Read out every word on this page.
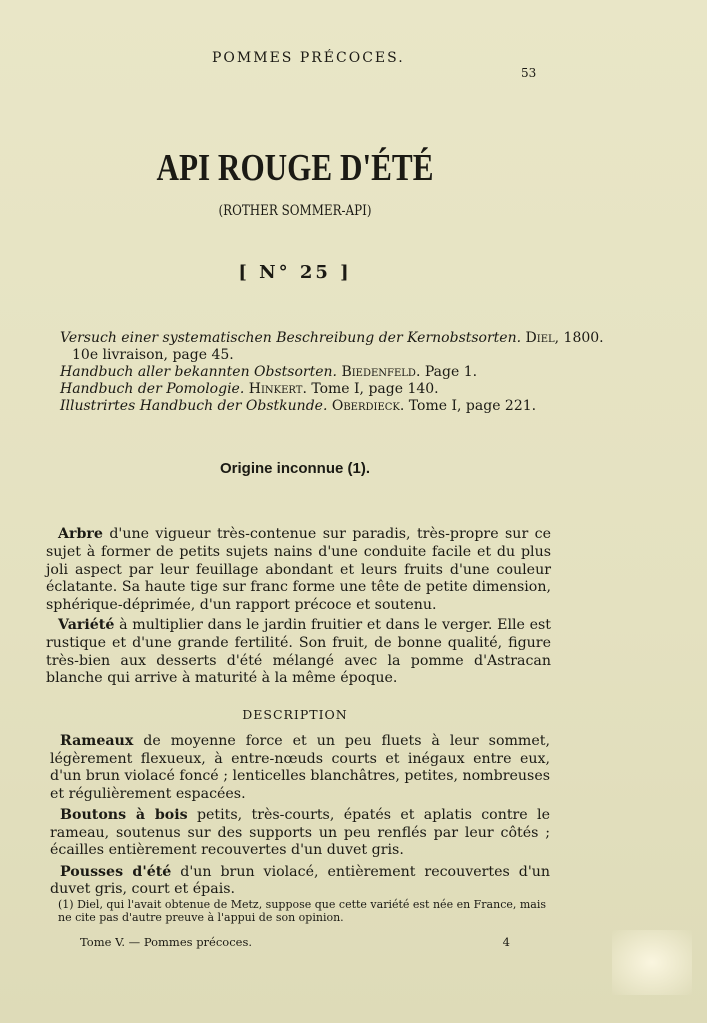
POMMES PRÉCOCES.
53
API ROUGE D'ÉTÉ
(ROTHER SOMMER-API)
[ N° 25 ]
Versuch einer systematischen Beschreibung der Kernobstsorten. Diel, 1800.
10e livraison, page 45.
Handbuch aller bekannten Obstsorten. Biedenfeld. Page 1.
Handbuch der Pomologie. Hinkert. Tome I, page 140.
Illustrirtes Handbuch der Obstkunde. Oberdieck. Tome I, page 221.
Origine inconnue (1).

Arbre d'une vigueur très-contenue sur paradis, très-propre sur ce sujet à former de petits sujets nains d'une conduite facile et du plus joli aspect par leur feuillage abondant et leurs fruits d'une couleur éclatante. Sa haute tige sur franc forme une tête de petite dimension, sphérique-déprimée, d'un rapport précoce et soutenu.

Variété à multiplier dans le jardin fruitier et dans le verger. Elle est rustique et d'une grande fertilité. Son fruit, de bonne qualité, figure très-bien aux desserts d'été mélangé avec la pomme d'Astracan blanche qui arrive à maturité à la même époque.

DESCRIPTION

Rameaux de moyenne force et un peu fluets à leur sommet, légèrement flexueux, à entre-nœuds courts et inégaux entre eux, d'un brun violacé foncé ; lenticelles blanchâtres, petites, nombreuses et régulièrement espacées.

Boutons à bois petits, très-courts, épatés et aplatis contre le rameau, soutenus sur des supports un peu renflés par leur côtés ; écailles entièrement recouvertes d'un duvet gris.

Pousses d'été d'un brun violacé, entièrement recouvertes d'un duvet gris, court et épais.

(1) Diel, qui l'avait obtenue de Metz, suppose que cette variété est née en France, mais ne cite pas d'autre preuve à l'appui de son opinion.
Tome V. — Pommes précoces.	4
